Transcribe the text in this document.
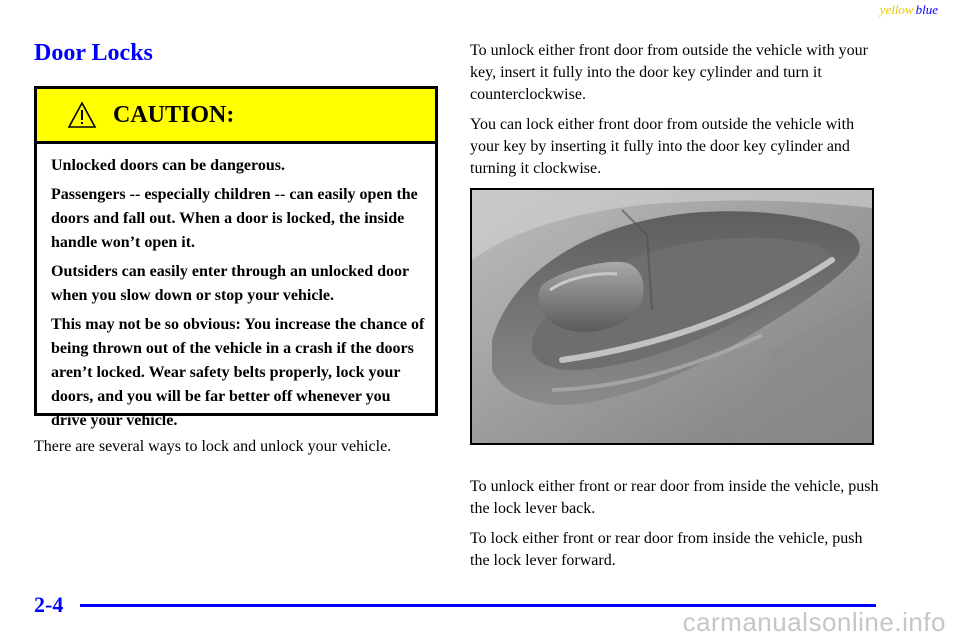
yellow blue
Door Locks
CAUTION:

Unlocked doors can be dangerous.

Passengers -- especially children -- can easily open the doors and fall out. When a door is locked, the inside handle won’t open it.

Outsiders can easily enter through an unlocked door when you slow down or stop your vehicle.

This may not be so obvious: You increase the chance of being thrown out of the vehicle in a crash if the doors aren’t locked. Wear safety belts properly, lock your doors, and you will be far better off whenever you drive your vehicle.

There are several ways to lock and unlock your vehicle.

To unlock either front door from outside the vehicle with your key, insert it fully into the door key cylinder and turn it counterclockwise.

You can lock either front door from outside the vehicle with your key by inserting it fully into the door key cylinder and turning it clockwise.

To unlock either front or rear door from inside the vehicle, push the lock lever back.

To lock either front or rear door from inside the vehicle, push the lock lever forward.

2-4
carmanualsonline.info
